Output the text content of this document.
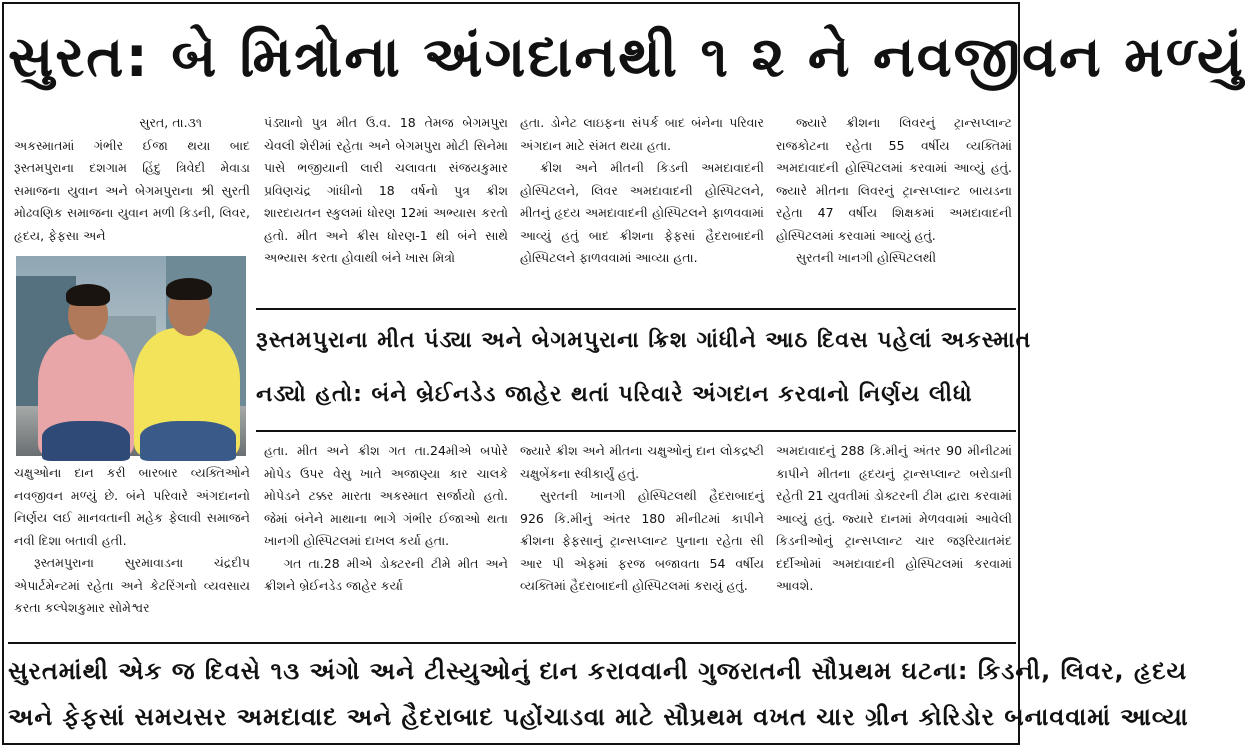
સુરત: બે મિત્રોના અંગદાનથી ૧ ૨ ને નવજીવન મળ્યું

સુરત, તા.૩૧

અકસ્માતમાં ગંભીર ઈજા થયા બાદ રૂસ્તમપુરાના દશગામ હિંદુ ત્રિવેદી મેવાડા સમાજના યુવાન અને બેગમપુરાના શ્રી સુરતી મોઢવણિક સમાજના યુવાન મળી કિડની, લિવર, હૃદય, ફેફસા અને

પંડ્યાનો પુત્ર મીત ઉ.વ. 18 તેમજ બેગમપુરા ચેવલી શેરીમાં રહેતા અને બેગમપુરા મોટી સિનેમા પાસે ભજીયાની લારી ચલાવતા સંજયકુમાર પ્રવિણચંદ્ર ગાંધીનો 18 વર્ષનો પુત્ર ક્રીશ શારદાયતન સ્કુલમાં ધોરણ 12માં અભ્યાસ કરતો હતો. મીત અને ક્રીસ ધોરણ-1 થી બંને સાથે અભ્યાસ કરતા હોવાથી બંને ખાસ મિત્રો

હતા. ડોનેટ લાઇફના સંપર્ક બાદ બંનેના પરિવાર અંગદાન માટે સંમત થયા હતા.

ક્રીશ અને મીતની કિડની અમદાવાદની હોસ્પિટલને, લિવર અમદાવાદની હોસ્પિટલને, મીતનું હૃદય અમદાવાદની હોસ્પિટલને ફાળવવામાં આવ્યું હતું બાદ ક્રીશના ફેફસાં હૈદરાબાદની હોસ્પિટલને ફાળવવામાં આવ્યા હતા.

જ્યારે ક્રીશના લિવરનું ટ્રાન્સપ્લાન્ટ રાજકોટના રહેતા 55 વર્ષીય વ્યક્તિમાં અમદાવાદની હોસ્પિટલમાં કરવામાં આવ્યું હતું. જ્યારે મીતના લિવરનું ટ્રાન્સપ્લાન્ટ બાયડના રહેતા 47 વર્ષીય શિક્ષકમાં અમદાવાદની હોસ્પિટલમાં કરવામાં આવ્યું હતું.

સુરતની ખાનગી હોસ્પિટલથી

રૂસ્તમપુરાના મીત પંડ્યા અને બેગમપુરાના ક્રિશ ગાંધીને આઠ દિવસ પહેલાં અકસ્માત
નડ્યો હતો: બંને બ્રેઈનડેડ જાહેર થતાં પરિવારે અંગદાન કરવાનો નિર્ણય લીધો

ચક્ષુઓના દાન કરી બારબાર વ્યક્તિઓને નવજીવન મળ્યું છે. બંને પરિવારે અંગદાનનો નિર્ણય લઈ માનવતાની મહેક ફેલાવી સમાજને નવી દિશા બતાવી હતી.

રૂસ્તમપુરાના સુરમાવાડના ચંદ્રદીપ એપાર્ટમેન્ટમાં રહેતા અને કેટરિંગનો વ્યવસાય કરતા કલ્પેશકુમાર સોમેશ્વર

હતા. મીત અને ક્રીશ ગત તા.24મીએ બપોરે મોપેડ ઉપર વેસુ ખાતે અજાણ્યા કાર ચાલકે મોપેડને ટક્કર મારતા અકસ્માત સર્જાયો હતો. જેમાં બંનેને માથાના ભાગે ગંભીર ઈજાઓ થતા ખાનગી હોસ્પિટલમાં દાખલ કર્યા હતા.

ગત તા.28 મીએ ડોક્ટરની ટીમે મીત અને ક્રીશને બ્રેઈનડેડ જાહેર કર્યા

જ્યારે ક્રીશ અને મીતના ચક્ષુઓનું દાન લોકદ્રષ્ટી ચક્ષુબેંકના સ્વીકાર્યું હતું.

સુરતની ખાનગી હોસ્પિટલથી હૈદરાબાદનું 926 કિ.મીનું અંતર 180 મીનીટમાં કાપીને ક્રીશના ફેફસાનું ટ્રાન્સપ્લાન્ટ પુનાના રહેતા સી આર પી એફમાં ફરજ બજાવતા 54 વર્ષીય વ્યક્તિમાં હૈદરાબાદની હોસ્પિટલમાં કરાયું હતું.

અમદાવાદનું 288 કિ.મીનું અંતર 90 મીનીટમાં કાપીને મીતના હૃદયનું ટ્રાન્સપ્લાન્ટ બરોડાની રહેતી 21 યુવતીમાં ડોક્ટરની ટીમ દ્વારા કરવામાં આવ્યું હતું. જ્યારે દાનમાં મેળવવામાં આવેલી કિડનીઓનું ટ્રાન્સપ્લાન્ટ ચાર જરૂરિયાતમંદ દર્દીઓમાં અમદાવાદની હોસ્પિટલમાં કરવામાં આવશે.

સુરતમાંથી એક જ દિવસે ૧૩ અંગો અને ટીસ્યુઓનું દાન કરાવવાની ગુજરાતની સૌપ્રથમ ઘટના: કિડની, લિવર, હૃદય
અને ફેફસાં સમયસર અમદાવાદ અને હૈદરાબાદ પહોંચાડવા માટે સૌપ્રથમ વખત ચાર ગ્રીન કોરિડોર બનાવવામાં આવ્યા
